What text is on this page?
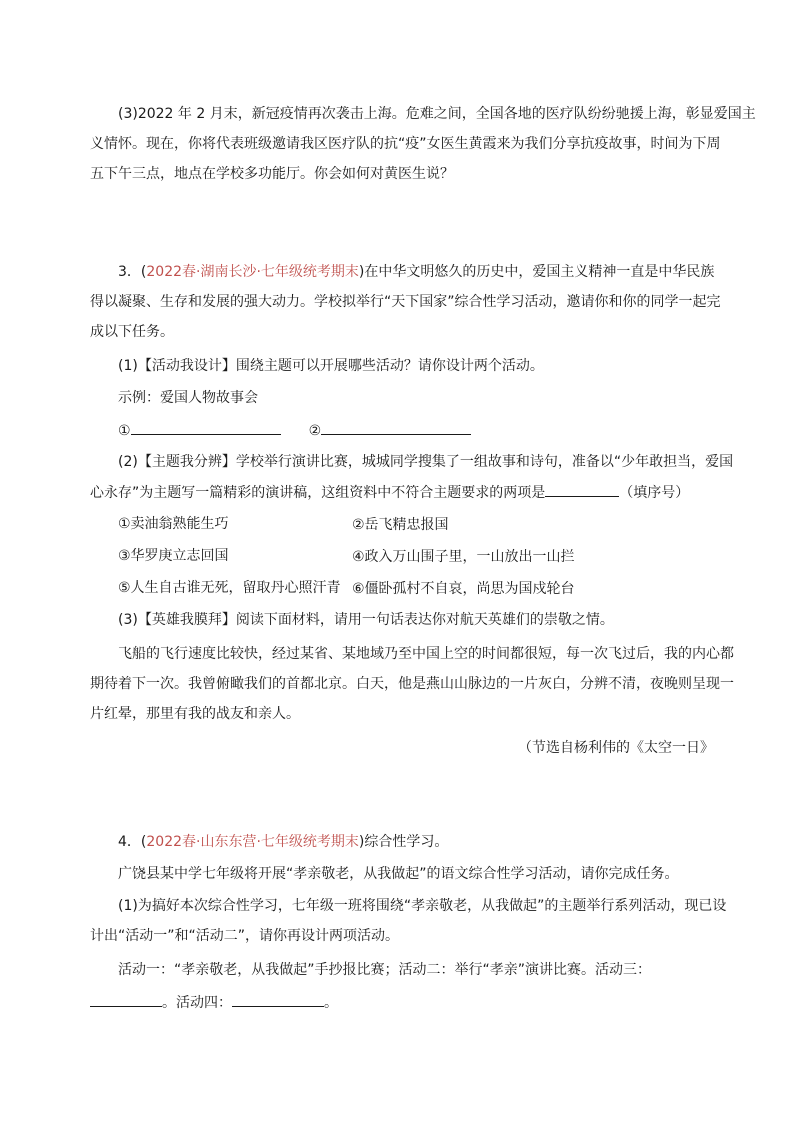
(3)2022 年 2 月末，新冠疫情再次袭击上海。危难之间，全国各地的医疗队纷纷驰援上海，彰显爱国主
义情怀。现在，你将代表班级邀请我区医疗队的抗“疫”女医生黄霞来为我们分享抗疫故事，时间为下周
五下午三点，地点在学校多功能厅。你会如何对黄医生说？
3．(2022春·湖南长沙·七年级统考期末)在中华文明悠久的历史中，爱国主义精神一直是中华民族
得以凝聚、生存和发展的强大动力。学校拟举行“天下国家”综合性学习活动，邀请你和你的同学一起完
成以下任务。
(1)【活动我设计】围绕主题可以开展哪些活动？请你设计两个活动。
示例：爱国人物故事会
①	②
(2)【主题我分辨】学校举行演讲比赛，城城同学搜集了一组故事和诗句，准备以“少年敢担当，爱国
心永存”为主题写一篇精彩的演讲稿，这组资料中不符合主题要求的两项是	（填序号）
①卖油翁熟能生巧	②岳飞精忠报国
③华罗庚立志回国	④政入万山围子里，一山放出一山拦
⑤人生自古谁无死，留取丹心照汗青 ⑥僵卧孤村不自哀，尚思为国戍轮台
(3)【英雄我膜拜】阅读下面材料，请用一句话表达你对航天英雄们的崇敬之情。
飞船的飞行速度比较快，经过某省、某地域乃至中国上空的时间都很短，每一次飞过后，我的内心都
期待着下一次。我曾俯瞰我们的首都北京。白天，他是燕山山脉边的一片灰白，分辨不清，夜晚则呈现一
片红晕，那里有我的战友和亲人。
（节选自杨利伟的《太空一日》
4．(2022春·山东东营·七年级统考期末)综合性学习。
广饶县某中学七年级将开展“孝亲敬老，从我做起”的语文综合性学习活动，请你完成任务。
(1)为搞好本次综合性学习，七年级一班将围绕“孝亲敬老，从我做起”的主题举行系列活动，现已设
计出“活动一”和“活动二”，请你再设计两项活动。
活动一：“孝亲敬老，从我做起”手抄报比赛；活动二：举行“孝亲”演讲比赛。活动三：
。活动四：	。
